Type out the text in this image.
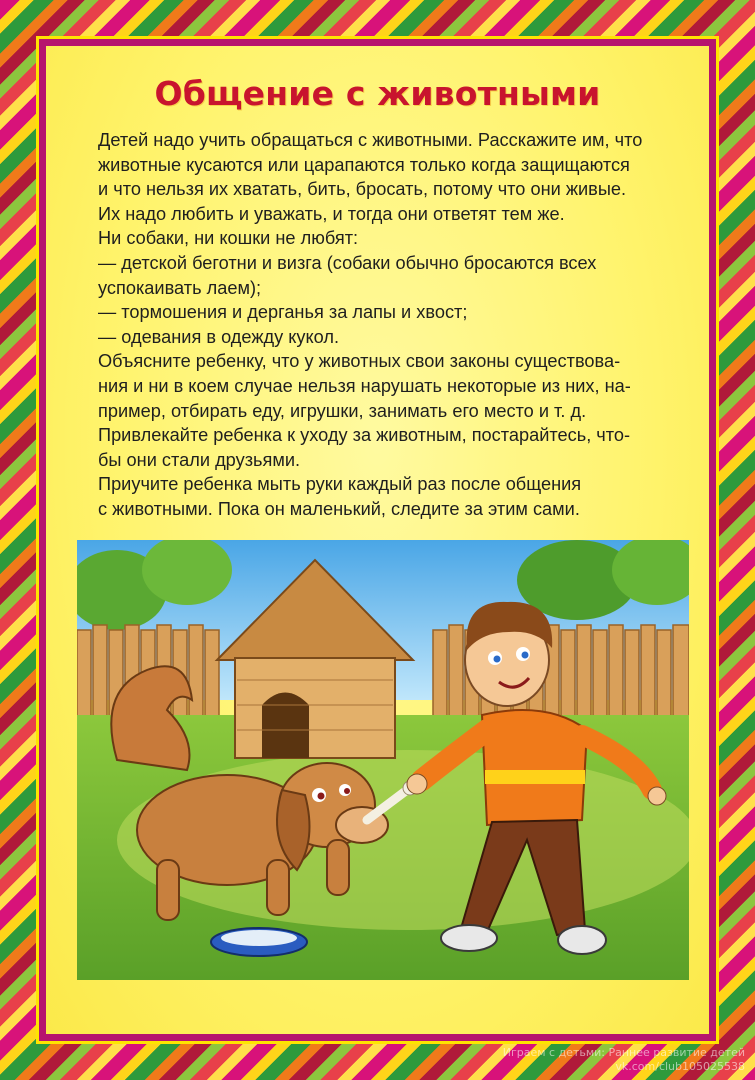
Общение с животными
Детей надо учить обращаться с животными. Расскажите им, что
животные кусаются или царапаются только когда защищаются
и что нельзя их хватать, бить, бросать, потому что они живые.
Их надо любить и уважать, и тогда они ответят тем же.
Ни собаки, ни кошки не любят:
— детской беготни и визга (собаки обычно бросаются всех
успокаивать лаем);
— тормошения и дерганья за лапы и хвост;
— одевания в одежду кукол.
Объясните ребенку, что у животных свои законы существова-
ния и ни в коем случае нельзя нарушать некоторые из них, на-
пример, отбирать еду, игрушки, занимать его место и т. д.
Привлекайте ребенка к уходу за животным, постарайтесь, что-
бы они стали друзьями.
Приучите ребенка мыть руки каждый раз после общения
с животными. Пока он маленький, следите за этим сами.
Играем с детьми: Раннее развитие детей
vk.com/club105025538
